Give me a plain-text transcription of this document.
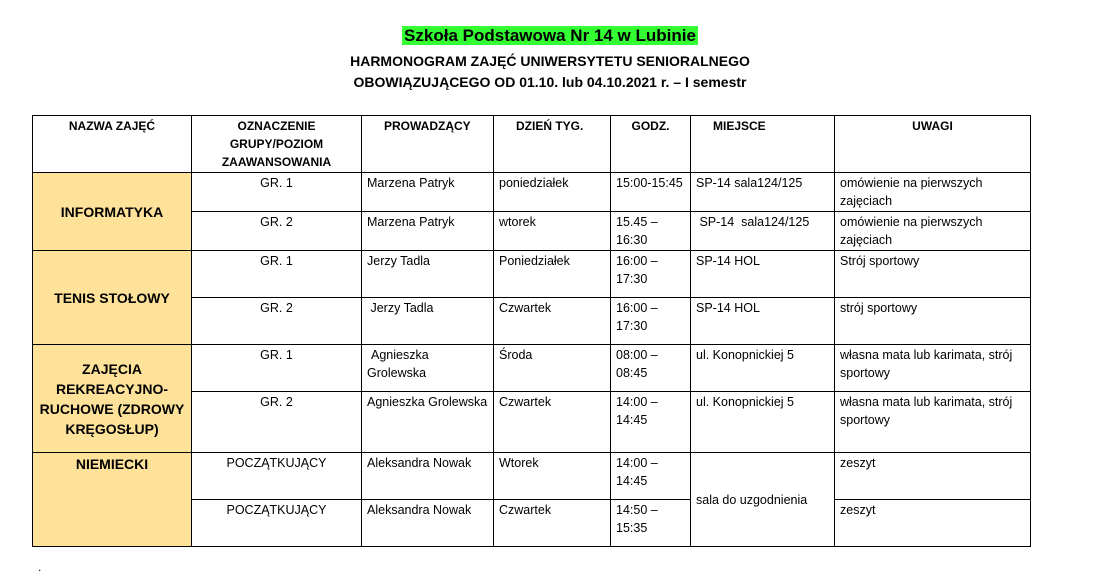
Szkoła Podstawowa Nr 14 w Lubinie
HARMONOGRAM ZAJĘĆ UNIWERSYTETU SENIORALNEGO
OBOWIĄZUJĄCEGO OD 01.10. lub 04.10.2021 r. – I semestr
NAZWA ZAJĘĆ	OZNACZENIE GRUPY/POZIOM ZAAWANSOWANIA	PROWADZĄCY	DZIEŃ TYG.	GODZ.	MIEJSCE	UWAGI
INFORMATYKA	GR. 1	Marzena Patryk	poniedziałek	15:00-15:45	SP-14 sala124/125	omówienie na pierwszych zajęciach
	GR. 2	Marzena Patryk	wtorek	15.45 – 16:30	SP-14  sala124/125	omówienie na pierwszych zajęciach
TENIS STOŁOWY	GR. 1	Jerzy Tadla	Poniedziałek	16:00 – 17:30	SP-14 HOL	Strój sportowy
	GR. 2	Jerzy Tadla	Czwartek	16:00 – 17:30	SP-14 HOL	strój sportowy
ZAJĘCIA REKREACYJNO-RUCHOWE (ZDROWY KRĘGOSŁUP)	GR. 1	Agnieszka Grolewska	Środa	08:00 – 08:45	ul. Konopnickiej 5	własna mata lub karimata, strój sportowy
	GR. 2	Agnieszka Grolewska	Czwartek	14:00 – 14:45	ul. Konopnickiej 5	własna mata lub karimata, strój sportowy
NIEMIECKI	POCZĄTKUJĄCY	Aleksandra Nowak	Wtorek	14:00 – 14:45	sala do uzgodnienia	zeszyt
	POCZĄTKUJĄCY	Aleksandra Nowak	Czwartek	14:50 – 15:35		zeszyt
.
